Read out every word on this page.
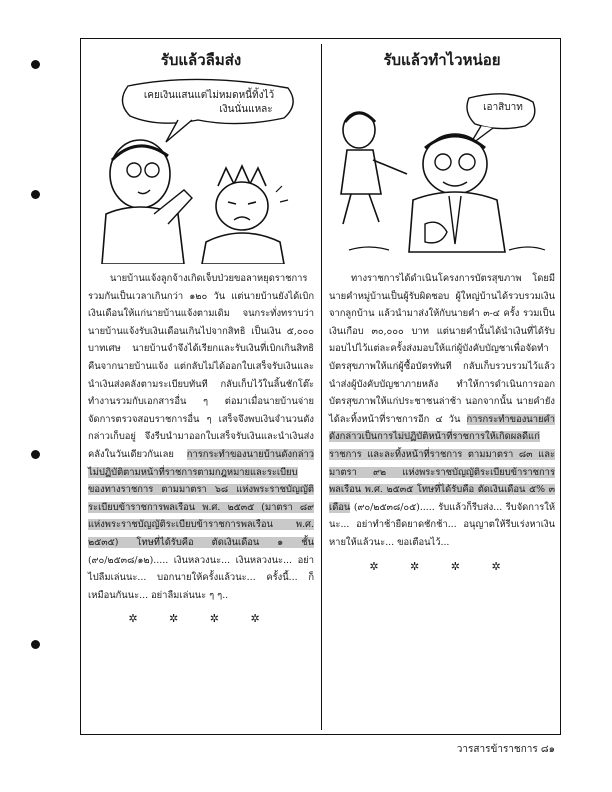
รับแล้วลืมส่ง
เคยเงินแสนแต่ไม่หมดหนี้ทิ้งไว้
เงินนั่นแหละ
นายบ้านแจ้งลูกจ้างเกิดเจ็บป่วยขอลาหยุดราชการรวมกันเป็นเวลาเกินกว่า ๑๒๐ วัน แต่นายบ้านยังได้เบิกเงินเดือนให้แก่นายบ้านแจ้งตามเดิม จนกระทั่งทราบว่า นายบ้านแจ้งรับเงินเดือนเกินไปจากสิทธิ เป็นเงิน ๕,๐๐๐ บาทเศษ นายบ้านจำจึงได้เรียกและรับเงินที่เบิกเกินสิทธิคืนจากนายบ้านแจ้ง แต่กลับไม่ได้ออกใบเสร็จรับเงินและนำเงินส่งคลังตามระเบียบทันที กลับเก็บไว้ในลิ้นชักโต๊ะทำงานรวมกับเอกสารอื่น ๆ ต่อมาเมื่อนายบ้านจ่ายจัดการตรวจสอบราชการอื่น ๆ เสร็จจึงพบเงินจำนวนดังกล่าวเก็บอยู่ จึงรีบนำมาออกใบเสร็จรับเงินและนำเงินส่งคลังในวันเดียวกันเลย การกระทำของนายบ้านดังกล่าวไม่ปฏิบัติตามหน้าที่ราชการตามกฎหมายและระเบียบของทางราชการ ตามมาตรา ๖๘ แห่งพระราชบัญญัติระเบียบข้าราชการพลเรือน พ.ศ. ๒๕๓๕ (มาตรา ๘๙ แห่งพระราชบัญญัติระเบียบข้าราชการพลเรือน พ.ศ. ๒๕๓๕) โทษที่ได้รับคือ ตัดเงินเดือน ๑ ชั้น (๙๐/๒๕๓๘/๑๒)..... เงินหลวงนะ... เงินหลวงนะ... อย่าไปลืมเล่นนะ... บอกนายให้ครั้งแล้วนะ... ครั้งนี้... ก็เหมือนกันนะ... อย่าลืมเล่นนะ ๆ ๆ..
✲ ✲ ✲ ✲
รับแล้วทำไวหน่อย
เอาสิบาท
ทางราชการได้ดำเนินโครงการบัตรสุขภาพ โดยมีนายคำหมู่บ้านเป็นผู้รับผิดชอบ ผู้ใหญ่บ้านได้รวบรวมเงินจากลูกบ้าน แล้วนำมาส่งให้กับนายคำ ๓-๔ ครั้ง รวมเป็นเงินเกือบ ๓๐,๐๐๐ บาท แต่นายคำนั้นได้นำเงินที่ได้รับมอบไปไว้แต่ละครั้งส่งมอบให้แก่ผู้บังคับบัญชาเพื่อจัดทำบัตรสุขภาพให้แก่ผู้ซื้อบัตรทันที กลับเก็บรวบรวมไว้แล้วนำส่งผู้บังคับบัญชาภายหลัง ทำให้การดำเนินการออกบัตรสุขภาพให้แก่ประชาชนล่าช้า นอกจากนั้น นายคำยังได้ละทิ้งหน้าที่ราชการอีก ๔ วัน การกระทำของนายคำดังกล่าวเป็นการไม่ปฏิบัติหน้าที่ราชการให้เกิดผลดีแก่ราชการ และละทิ้งหน้าที่ราชการ ตามมาตรา ๘๓ และมาตรา ๙๒ แห่งพระราชบัญญัติระเบียบข้าราชการพลเรือน พ.ศ. ๒๕๓๕ โทษที่ได้รับคือ ตัดเงินเดือน ๕% ๓ เดือน (๙๐/๒๕๓๘/๐๕)..... รับแล้วก็รีบส่ง... รีบจัดการให้นะ... อย่าทำช้ายืดยาดชักช้า... อนุญาตให้รีบเร่งหาเงินหายให้แล้วนะ... ขอเตือนไว้...
✲ ✲ ✲ ✲
วารสารข้าราชการ ๘๑
